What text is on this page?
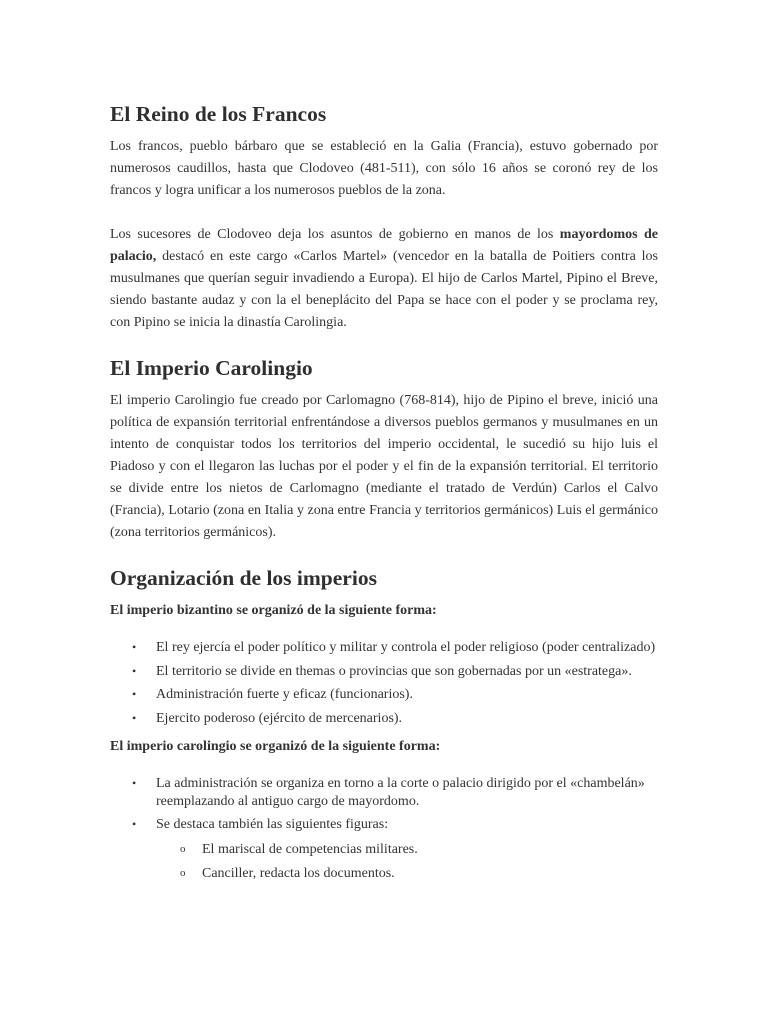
El Reino de los Francos

Los francos, pueblo bárbaro que se estableció en la Galia (Francia), estuvo gobernado por numerosos caudillos, hasta que Clodoveo (481-511), con sólo 16 años se coronó rey de los francos y logra unificar a los numerosos pueblos de la zona.

Los sucesores de Clodoveo deja los asuntos de gobierno en manos de los mayordomos de palacio, destacó en este cargo «Carlos Martel» (vencedor en la batalla de Poitiers contra los musulmanes que querían seguir invadiendo a Europa). El hijo de Carlos Martel, Pipino el Breve, siendo bastante audaz y con la el beneplácito del Papa se hace con el poder y se proclama rey, con Pipino se inicia la dinastía Carolingia.

El Imperio Carolingio

El imperio Carolingio fue creado por Carlomagno (768-814), hijo de Pipino el breve, inició una política de expansión territorial enfrentándose a diversos pueblos germanos y musulmanes en un intento de conquistar todos los territorios del imperio occidental, le sucedió su hijo luis el Piadoso y con el llegaron las luchas por el poder y el fin de la expansión territorial. El territorio se divide entre los nietos de Carlomagno (mediante el tratado de Verdún) Carlos el Calvo (Francia), Lotario (zona en Italia y zona entre Francia y territorios germánicos) Luis el germánico (zona territorios germánicos).

Organización de los imperios

El imperio bizantino se organizó de la siguiente forma:

• El rey ejercía el poder político y militar y controla el poder religioso (poder centralizado)
• El territorio se divide en themas o provincias que son gobernadas por un «estratega».
• Administración fuerte y eficaz (funcionarios).
• Ejercito poderoso (ejército de mercenarios).

El imperio carolingio se organizó de la siguiente forma:

• La administración se organiza en torno a la corte o palacio dirigido por el «chambelán» reemplazando al antiguo cargo de mayordomo.
• Se destaca también las siguientes figuras:
o El mariscal de competencias militares.
o Canciller, redacta los documentos.
